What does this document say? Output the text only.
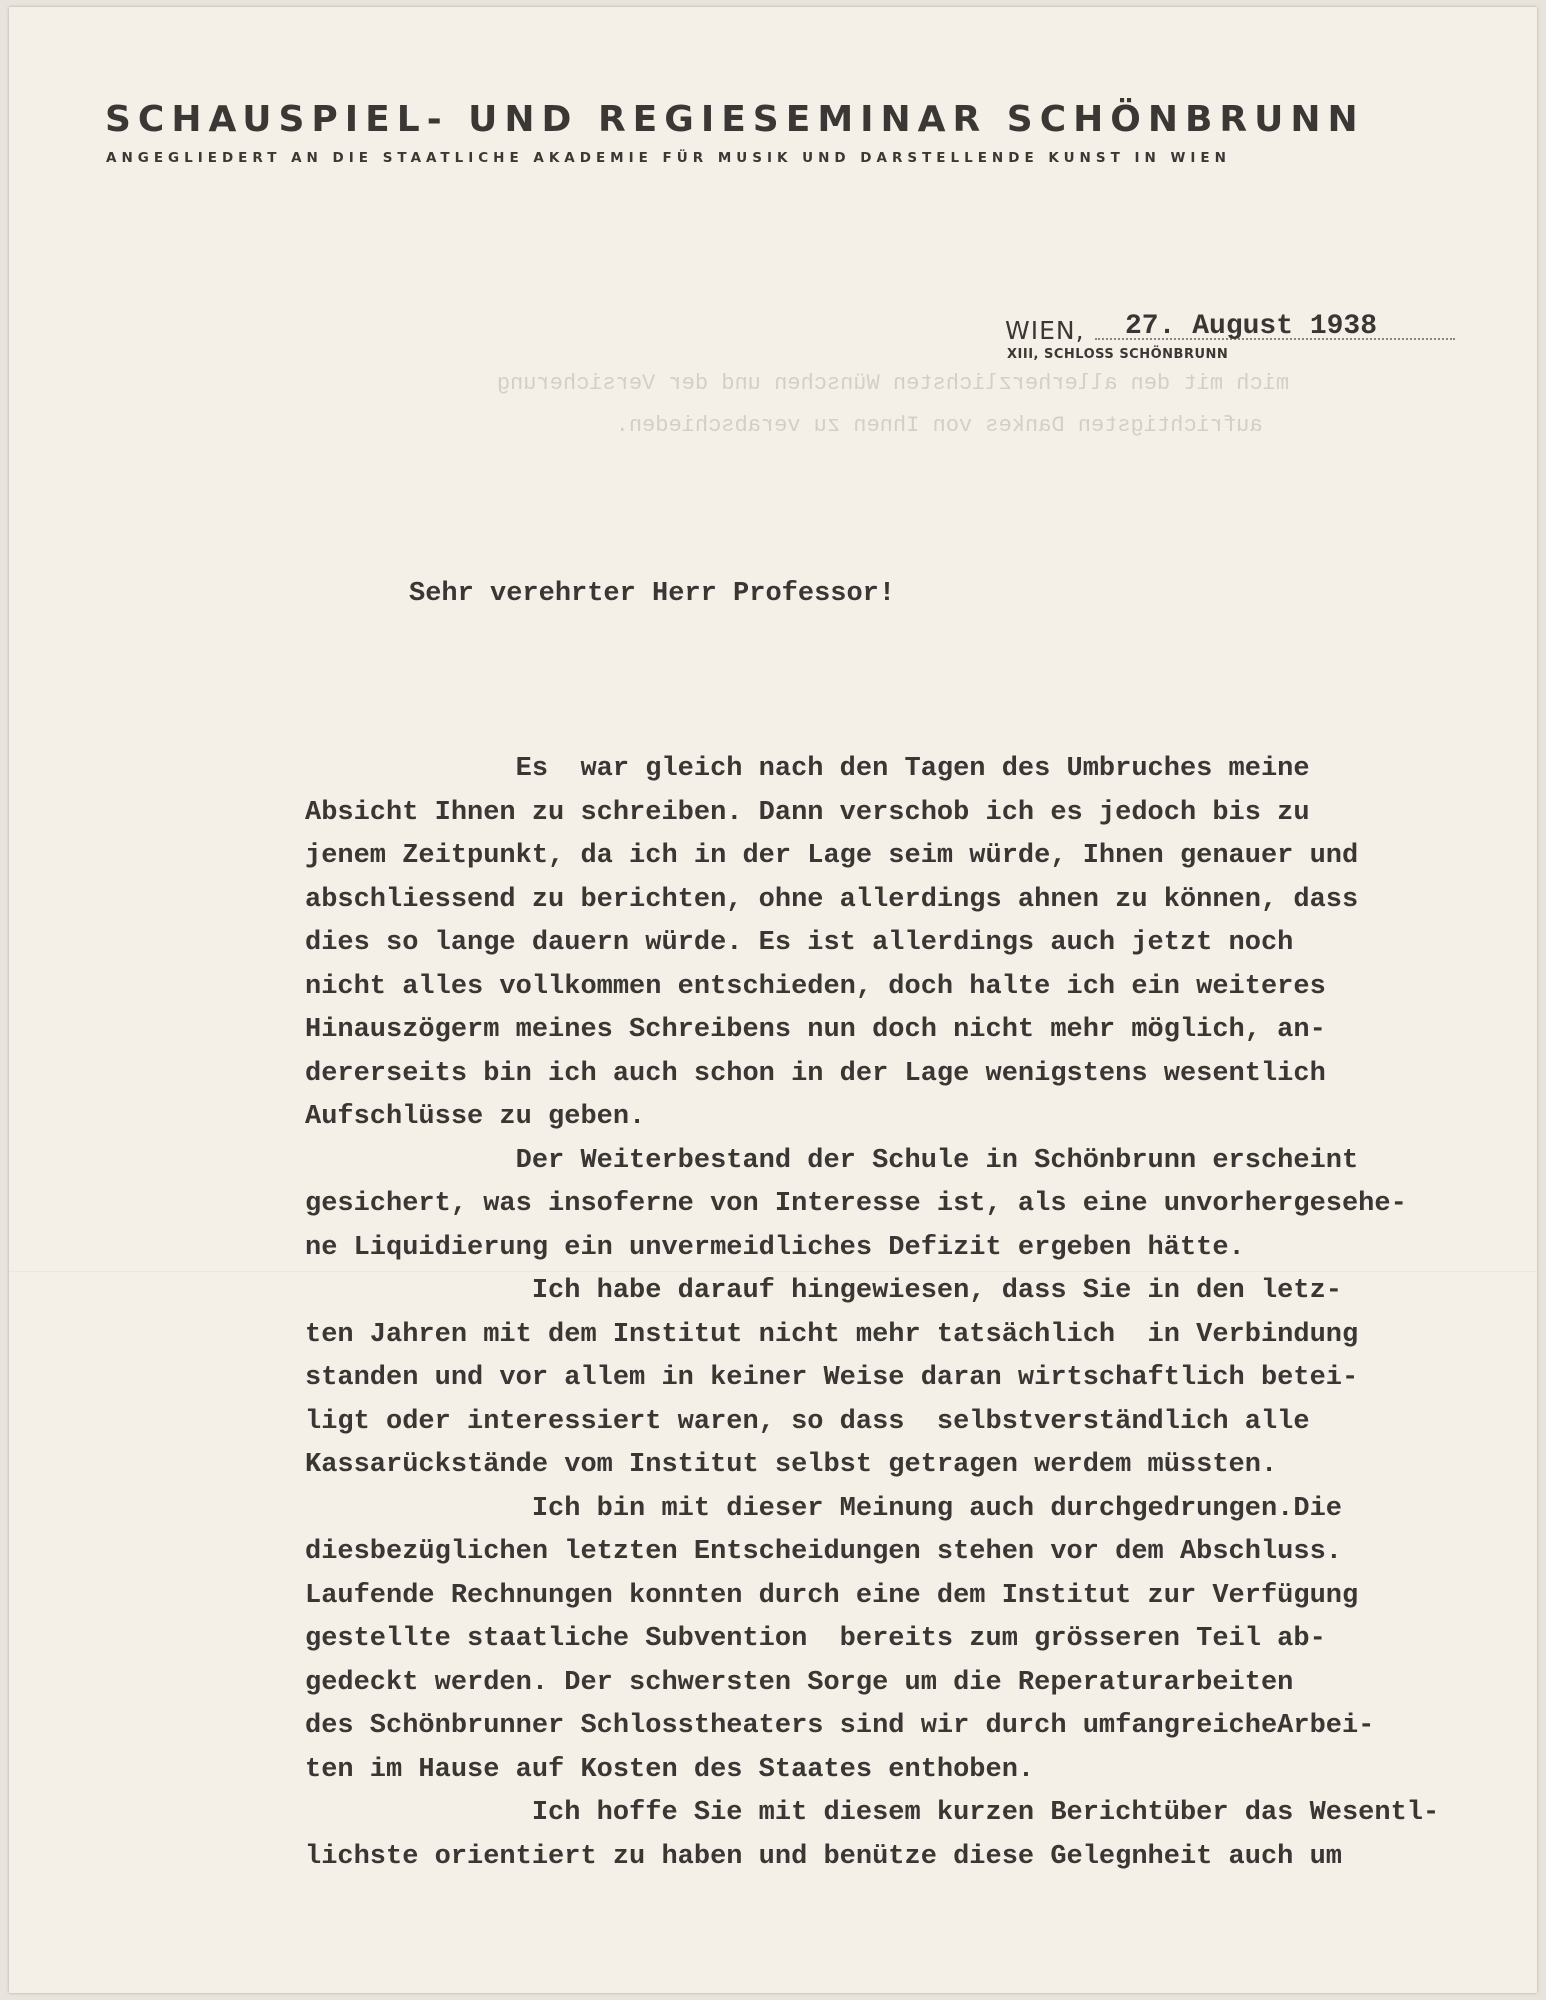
SCHAUSPIEL- UND REGIESEMINAR SCHÖNBRUNN
ANGEGLIEDERT AN DIE STAATLICHE AKADEMIE FÜR MUSIK UND DARSTELLENDE KUNST IN WIEN
WIEN, 27. August 1938
XIII, SCHLOSS SCHÖNBRUNN
mich mit den allerherzlichsten Wünschen und der Versicherung
aufrichtigsten Dankes von Ihnen zu verabschieden.
Sehr verehrter Herr Professor!
Es  war gleich nach den Tagen des Umbruches meine
Absicht Ihnen zu schreiben. Dann verschob ich es jedoch bis zu
jenem Zeitpunkt, da ich in der Lage seim würde, Ihnen genauer und
abschliessend zu berichten, ohne allerdings ahnen zu können, dass
dies so lange dauern würde. Es ist allerdings auch jetzt noch
nicht alles vollkommen entschieden, doch halte ich ein weiteres
Hinauszögerm meines Schreibens nun doch nicht mehr möglich, an-
dererseits bin ich auch schon in der Lage wenigstens wesentlich
Aufschlüsse zu geben.
Der Weiterbestand der Schule in Schönbrunn erscheint
gesichert, was insoferne von Interesse ist, als eine unvorhergesehe-
ne Liquidierung ein unvermeidliches Defizit ergeben hätte.
Ich habe darauf hingewiesen, dass Sie in den letz-
ten Jahren mit dem Institut nicht mehr tatsächlich  in Verbindung
standen und vor allem in keiner Weise daran wirtschaftlich betei-
ligt oder interessiert waren, so dass  selbstverständlich alle
Kassarückstände vom Institut selbst getragen werdem müssten.
Ich bin mit dieser Meinung auch durchgedrungen.Die
diesbezüglichen letzten Entscheidungen stehen vor dem Abschluss.
Laufende Rechnungen konnten durch eine dem Institut zur Verfügung
gestellte staatliche Subvention  bereits zum grösseren Teil ab-
gedeckt werden. Der schwersten Sorge um die Reperaturarbeiten
des Schönbrunner Schlosstheaters sind wir durch umfangreicheArbei-
ten im Hause auf Kosten des Staates enthoben.
Ich hoffe Sie mit diesem kurzen Berichtüber das Wesentl-
lichste orientiert zu haben und benütze diese Gelegnheit auch um
